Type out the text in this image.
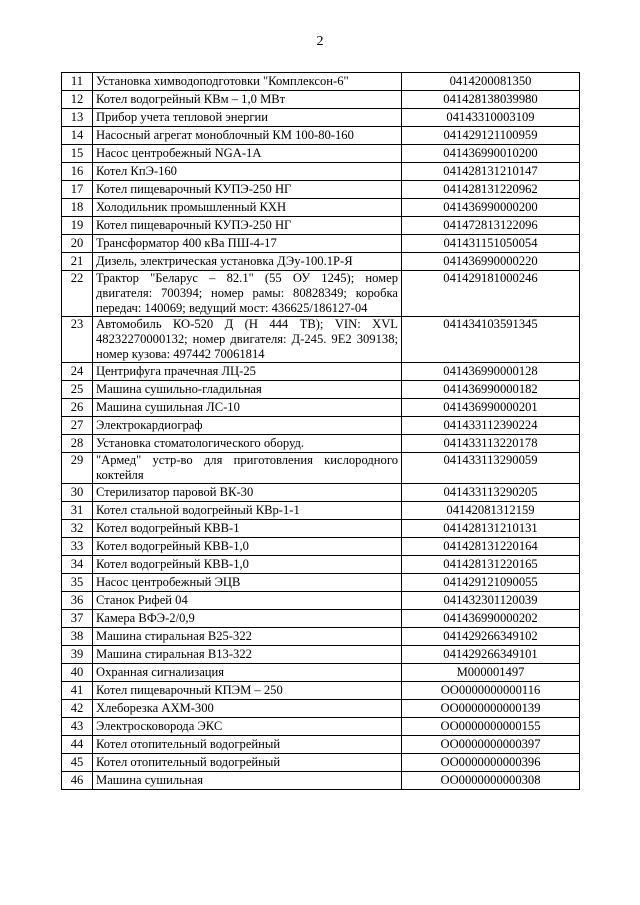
2
11	Установка химводоподготовки "Комплексон-6"	0414200081350
12	Котел водогрейный КВм – 1,0 МВт	041428138039980
13	Прибор учета тепловой энергии	04143310003109
14	Насосный агрегат моноблочный КМ 100-80-160	041429121100959
15	Насос центробежный NGA-1A	041436990010200
16	Котел КпЭ-160	041428131210147
17	Котел пищеварочный КУПЭ-250 НГ	041428131220962
18	Холодильник промышленный КХН	041436990000200
19	Котел пищеварочный КУПЭ-250 НГ	041472813122096
20	Трансформатор 400 кВа ПШ-4-17	041431151050054
21	Дизель, электрическая установка ДЭу-100.1Р-Я	041436990000220
22	Трактор "Беларус – 82.1" (55 ОУ 1245); номер двигателя: 700394; номер рамы: 80828349; коробка передач: 140069; ведущий мост: 436625/186127-04	041429181000246
23	Автомобиль КО-520 Д (Н 444 ТВ); VIN: XVL 48232270000132; номер двигателя: Д-245. 9Е2 309138; номер кузова: 497442 70061814	041434103591345
24	Центрифуга прачечная ЛЦ-25	041436990000128
25	Машина сушильно-гладильная	041436990000182
26	Машина сушильная ЛС-10	041436990000201
27	Электрокардиограф	041433112390224
28	Установка стоматологического оборуд.	041433113220178
29	"Армед" устр-во для приготовления кислородного коктейля	041433113290059
30	Стерилизатор паровой ВК-30	041433113290205
31	Котел стальной водогрейный КВр-1-1	04142081312159
32	Котел водогрейный КВВ-1	041428131210131
33	Котел водогрейный КВВ-1,0	041428131220164
34	Котел водогрейный КВВ-1,0	041428131220165
35	Насос центробежный ЭЦВ	041429121090055
36	Станок Рифей 04	041432301120039
37	Камера ВФЭ-2/0,9	041436990000202
38	Машина стиральная В25-322	041429266349102
39	Машина стиральная В13-322	041429266349101
40	Охранная сигнализация	М000001497
41	Котел пищеварочный КПЭМ – 250	ОО0000000000116
42	Хлеборезка АХМ-300	ОО0000000000139
43	Электросковорода ЭКС	ОО0000000000155
44	Котел отопительный водогрейный	ОО0000000000397
45	Котел отопительный водогрейный	ОО0000000000396
46	Машина сушильная	ОО0000000000308
